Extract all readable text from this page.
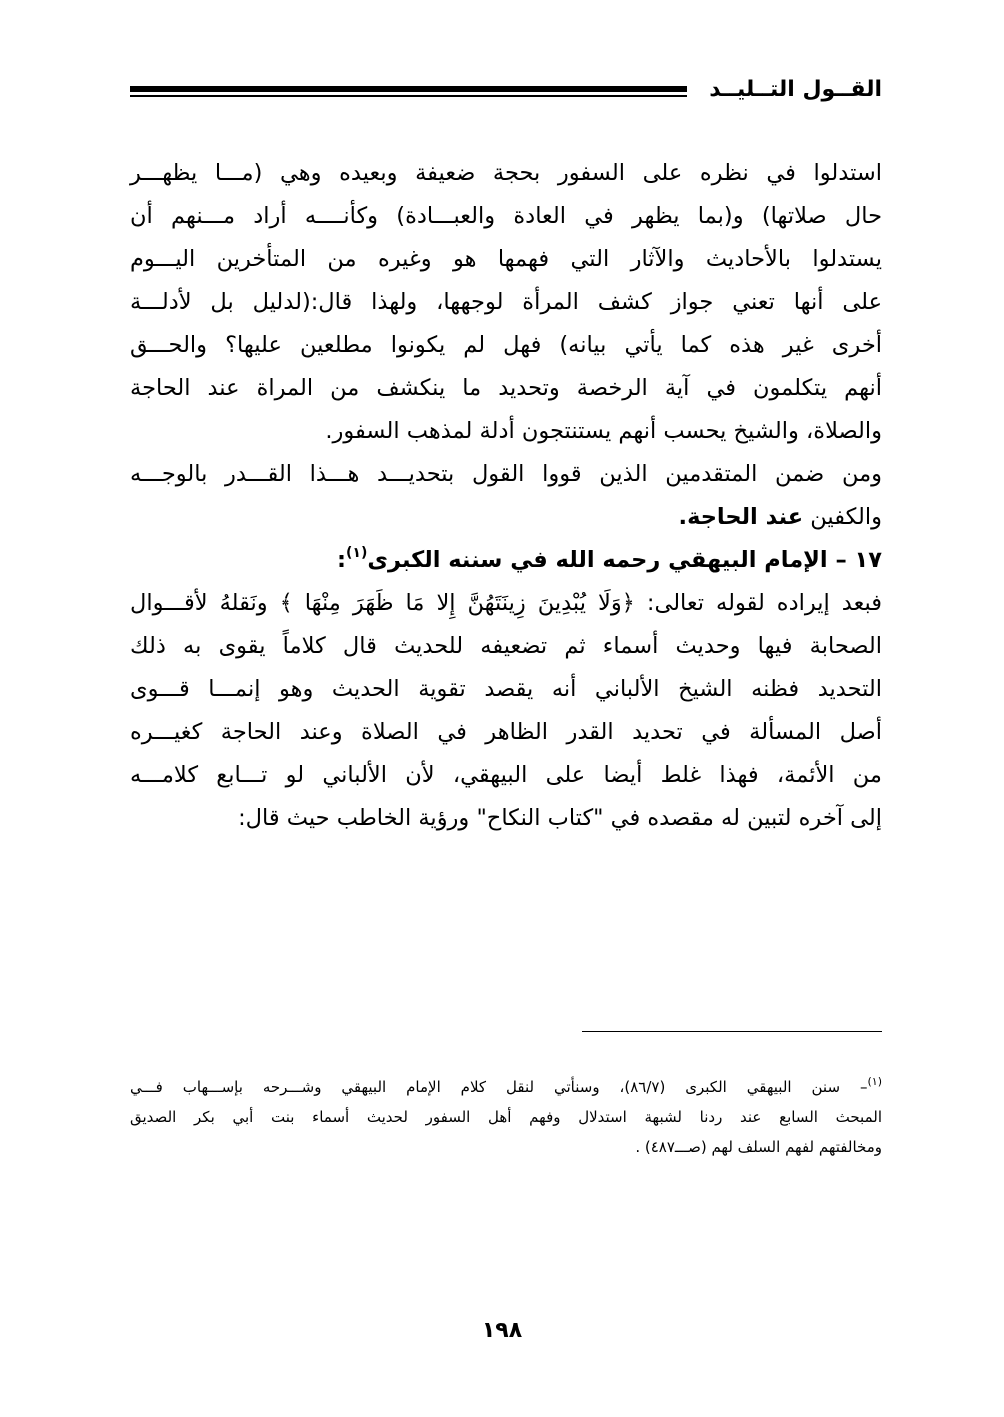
القــول التــليــد
استدلوا في نظره على السفور بحجة ضعيفة وبعيده وهي (مـــا يظهـــر
حال صلاتها) و(بما يظهر في العادة والعبـــادة) وكأنــــه أراد مـــنهم أن
يستدلوا بالأحاديث والآثار التي فهمها هو وغيره من المتأخرين اليـــوم
على أنها تعني جواز كشف المرأة لوجهها، ولهذا قال:(لدليل بل لأدلـــة
أخرى غير هذه كما يأتي بيانه) فهل لم يكونوا مطلعين عليها؟ والحـــق
أنهم يتكلمون في آية الرخصة وتحديد ما ينكشف من المراة عند الحاجة
والصلاة، والشيخ يحسب أنهم يستنتجون أدلة لمذهب السفور.
ومن ضمن المتقدمين الذين قووا القول بتحديـــد هـــذا القـــدر بالوجـــه
والكفين عند الحاجة.
١٧ – الإمام البيهقي رحمه الله في سننه الكبرى$^{(١)}$:
فبعد إيراده لقوله تعالى: ﴿وَلَا يُبْدِينَ زِينَتَهُنَّ إِلا مَا ظَهَرَ مِنْهَا ﴾ ونَقلهُ لأقـــوال
الصحابة فيها وحديث أسماء ثم تضعيفه للحديث قال كلاماً يقوى به ذلك
التحديد فظنه الشيخ الألباني أنه يقصد تقوية الحديث وهو إنمـــا قـــوى
أصل المسألة في تحديد القدر الظاهر في الصلاة وعند الحاجة كغيـــره
من الأئمة، فهذا غلط أيضا على البيهقي، لأن الألباني لو تـــابع كلامـــه
إلى آخره لتبين له مقصده في "كتاب النكاح" ورؤية الخاطب حيث قال:
$^{(١)}$– سنن البيهقي الكبرى (٨٦/٧)، وسنأتي لنقل كلام الإمام البيهقي وشـــرحه بإســـهاب فـــي
المبحث السابع عند ردنا لشبهة استدلال وفهم أهل السفور لحديث أسماء بنت أبي بكر الصديق
ومخالفتهم لفهم السلف لهم (صـــ٤٨٧) .
١٩٨
